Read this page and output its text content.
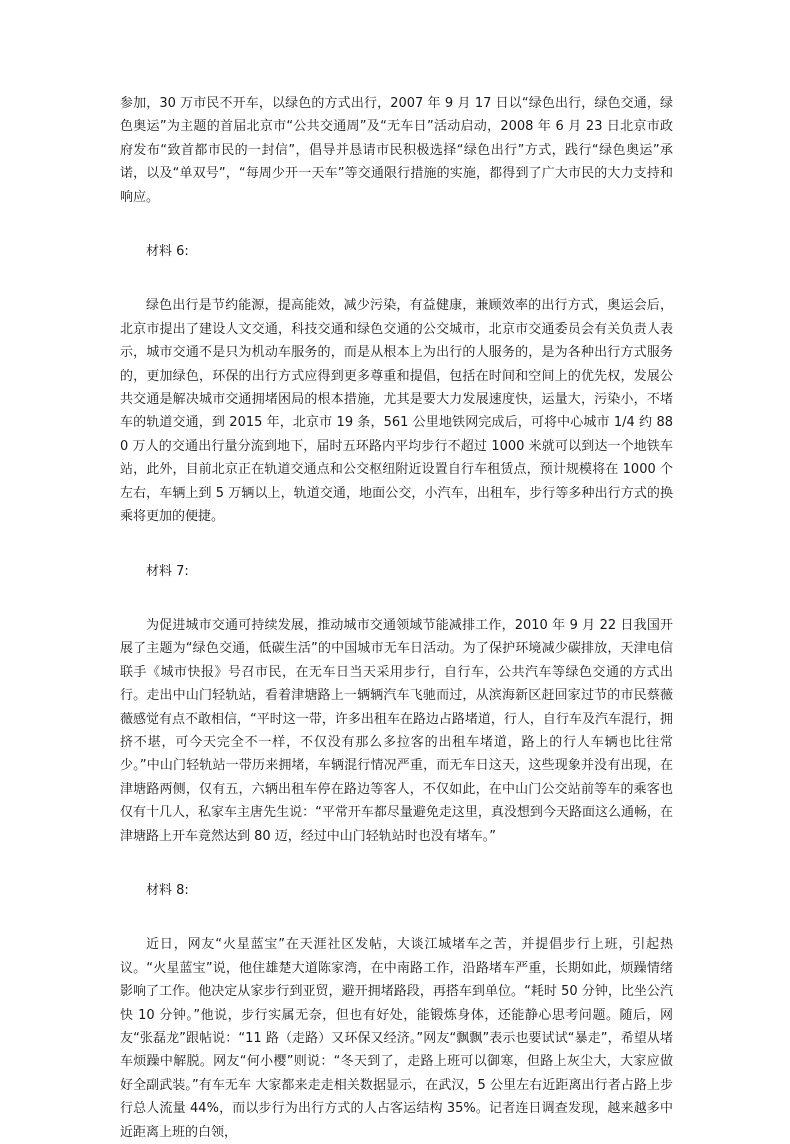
参加，30 万市民不开车，以绿色的方式出行，2007 年 9 月 17 日以“绿色出行，绿色交通，绿色奥运”为主题的首届北京市“公共交通周”及“无车日”活动启动，2008 年 6 月 23 日北京市政府发布“致首都市民的一封信”，倡导并恳请市民积极选择“绿色出行”方式，践行“绿色奥运”承诺，以及“单双号”，“每周少开一天车”等交通限行措施的实施，都得到了广大市民的大力支持和响应。

材料 6:

绿色出行是节约能源，提高能效，减少污染，有益健康，兼顾效率的出行方式，奥运会后，北京市提出了建设人文交通，科技交通和绿色交通的公交城市，北京市交通委员会有关负责人表示，城市交通不是只为机动车服务的，而是从根本上为出行的人服务的，是为各种出行方式服务的，更加绿色，环保的出行方式应得到更多尊重和提倡，包括在时间和空间上的优先权，发展公共交通是解决城市交通拥堵困局的根本措施，尤其是要大力发展速度快，运量大，污染小，不堵车的轨道交通，到 2015 年，北京市 19 条，561 公里地铁网完成后，可将中心城市 1/4 约 880 万人的交通出行量分流到地下，届时五环路内平均步行不超过 1000 米就可以到达一个地铁车站，此外，目前北京正在轨道交通点和公交枢纽附近设置自行车租赁点，预计规模将在 1000 个左右，车辆上到 5 万辆以上，轨道交通，地面公交，小汽车，出租车，步行等多种出行方式的换乘将更加的便捷。

材料 7:

为促进城市交通可持续发展，推动城市交通领域节能减排工作，2010 年 9 月 22 日我国开展了主题为“绿色交通，低碳生活”的中国城市无车日活动。为了保护环境减少碳排放，天津电信联手《城市快报》号召市民，在无车日当天采用步行，自行车，公共汽车等绿色交通的方式出行。走出中山门轻轨站，看着津塘路上一辆辆汽车飞驰而过，从滨海新区赶回家过节的市民蔡薇薇感觉有点不敢相信，“平时这一带，许多出租车在路边占路堵道，行人，自行车及汽车混行，拥挤不堪，可今天完全不一样，不仅没有那么多拉客的出租车堵道，路上的行人车辆也比往常少。”中山门轻轨站一带历来拥堵，车辆混行情况严重，而无车日这天，这些现象并没有出现，在津塘路两侧，仅有五，六辆出租车停在路边等客人，不仅如此，在中山门公交站前等车的乘客也仅有十几人，私家车主唐先生说：“平常开车都尽量避免走这里，真没想到今天路面这么通畅，在津塘路上开车竟然达到 80 迈，经过中山门轻轨站时也没有堵车。”

材料 8:

近日，网友“火星蓝宝”在天涯社区发帖，大谈江城堵车之苦，并提倡步行上班，引起热议。“火星蓝宝”说，他住雄楚大道陈家湾，在中南路工作，沿路堵车严重，长期如此，烦躁情绪影响了工作。他决定从家步行到亚贸，避开拥堵路段，再搭车到单位。“耗时 50 分钟，比坐公汽快 10 分钟。”他说，步行实属无奈，但也有好处，能锻炼身体，还能静心思考问题。随后，网友“张磊龙”跟帖说：“11 路（走路）又环保又经济。”网友“飘飘”表示也要试试“暴走”，希望从堵车烦躁中解脱。网友“何小樱”则说：“冬天到了，走路上班可以御寒，但路上灰尘大，大家应做好全副武装。”有车无车 大家都来走走相关数据显示，在武汉，5 公里左右近距离出行者占路上步行总人流量 44%，而以步行为出行方式的人占客运结构 35%。记者连日调查发现，越来越多中近距离上班的白领，
